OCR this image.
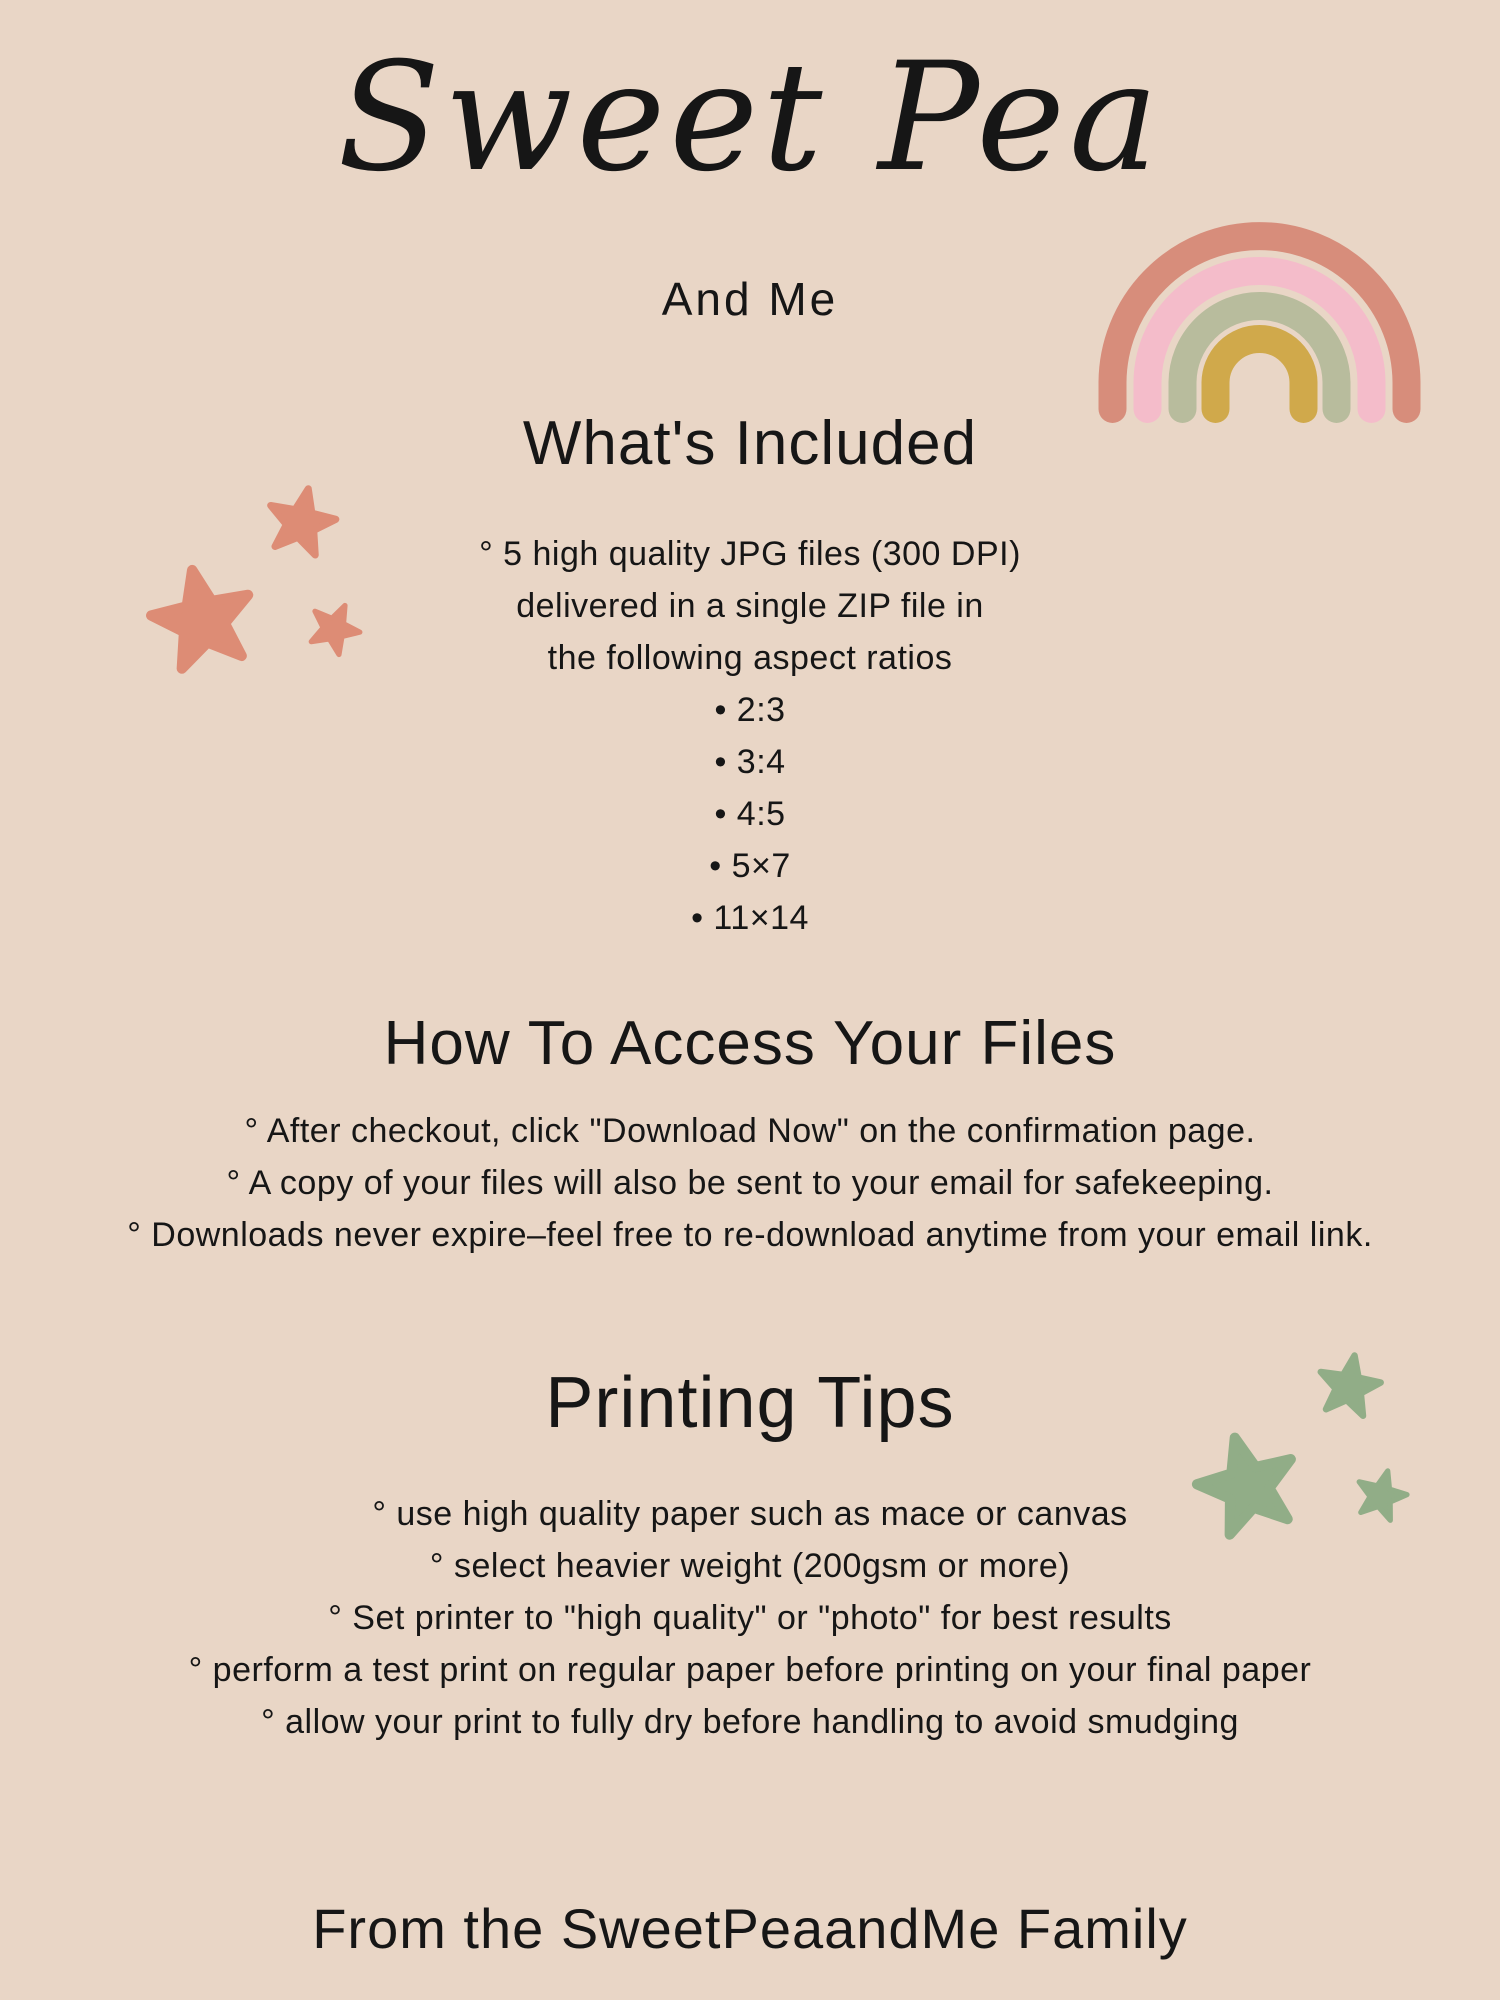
Sweet Pea
And Me
What's Included
° 5 high quality JPG files (300 DPI)
delivered in a single ZIP file in
the following aspect ratios
• 2:3
• 3:4
• 4:5
• 5×7
• 11×14
How To Access Your Files
° After checkout, click "Download Now" on the confirmation page.
° A copy of your files will also be sent to your email for safekeeping.
° Downloads never expire–feel free to re-download anytime from your email link.
Printing Tips
° use high quality paper such as mace or canvas
° select heavier weight (200gsm or more)
° Set printer to "high quality" or "photo" for best results
° perform a test print on regular paper before printing on your final paper
° allow your print to fully dry before handling to avoid smudging
From the SweetPeaandMe Family
